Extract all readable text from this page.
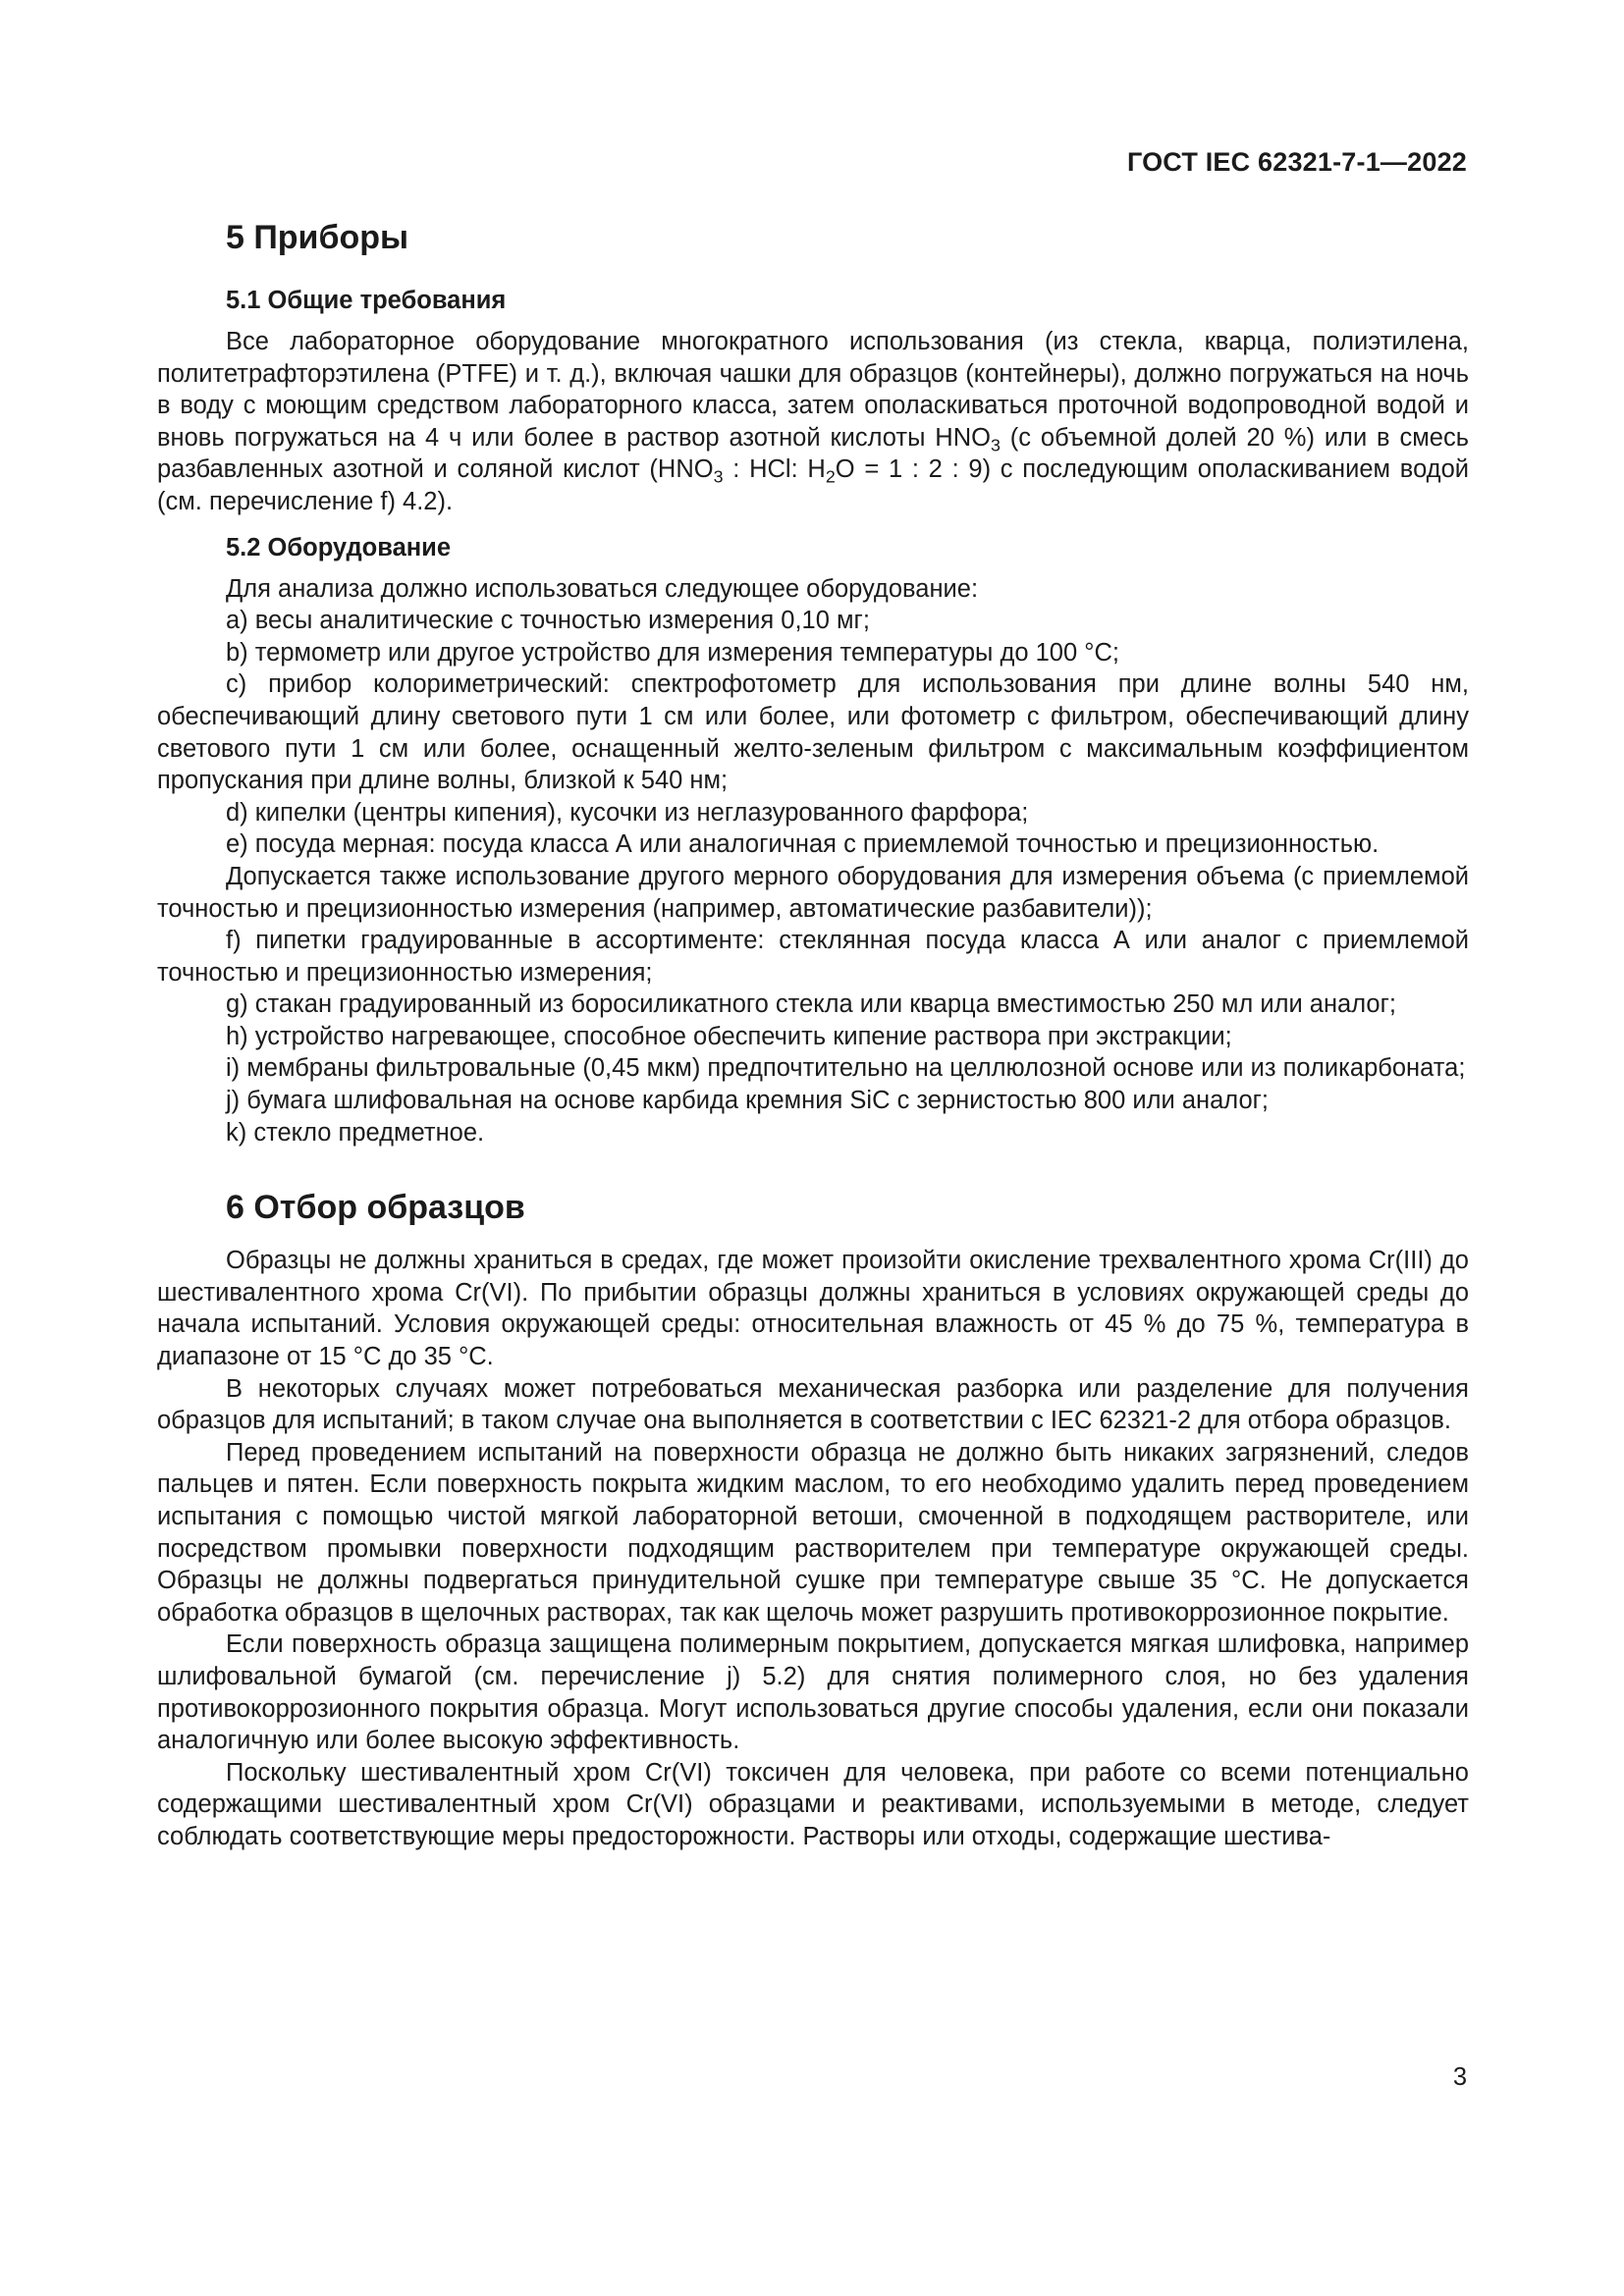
ГОСТ IEC 62321-7-1—2022
5 Приборы
5.1 Общие требования

Все лабораторное оборудование многократного использования (из стекла, кварца, полиэтилена, политетрафторэтилена (PTFE) и т. д.), включая чашки для образцов (контейнеры), должно погружаться на ночь в воду с моющим средством лабораторного класса, затем ополаскиваться проточной водопроводной водой и вновь погружаться на 4 ч или более в раствор азотной кислоты $HNO_3$ (с объемной долей 20 %) или в смесь разбавленных азотной и соляной кислот ($HNO_3$ : HCl: $H_2O = 1$ : 2 : 9) с последующим ополаскиванием водой (см. перечисление f) 4.2).

5.2 Оборудование

Для анализа должно использоваться следующее оборудование:

a) весы аналитические с точностью измерения 0,10 мг;

b) термометр или другое устройство для измерения температуры до 100 °С;

c) прибор колориметрический: спектрофотометр для использования при длине волны 540 нм, обеспечивающий длину светового пути 1 см или более, или фотометр с фильтром, обеспечивающий длину светового пути 1 см или более, оснащенный желто-зеленым фильтром с максимальным коэффициентом пропускания при длине волны, близкой к 540 нм;

d) кипелки (центры кипения), кусочки из неглазурованного фарфора;

e) посуда мерная: посуда класса А или аналогичная с приемлемой точностью и прецизионностью.

Допускается также использование другого мерного оборудования для измерения объема (с приемлемой точностью и прецизионностью измерения (например, автоматические разбавители));

f) пипетки градуированные в ассортименте: стеклянная посуда класса А или аналог с приемлемой точностью и прецизионностью измерения;

g) стакан градуированный из боросиликатного стекла или кварца вместимостью 250 мл или аналог;

h) устройство нагревающее, способное обеспечить кипение раствора при экстракции;

i) мембраны фильтровальные (0,45 мкм) предпочтительно на целлюлозной основе или из поликарбоната;

j) бумага шлифовальная на основе карбида кремния SiC с зернистостью 800 или аналог;

k) стекло предметное.

6 Отбор образцов

Образцы не должны храниться в средах, где может произойти окисление трехвалентного хрома Cr(III) до шестивалентного хрома Cr(VI). По прибытии образцы должны храниться в условиях окружающей среды до начала испытаний. Условия окружающей среды: относительная влажность от 45 % до 75 %, температура в диапазоне от 15 °С до 35 °С.

В некоторых случаях может потребоваться механическая разборка или разделение для получения образцов для испытаний; в таком случае она выполняется в соответствии с IEC 62321-2 для отбора образцов.

Перед проведением испытаний на поверхности образца не должно быть никаких загрязнений, следов пальцев и пятен. Если поверхность покрыта жидким маслом, то его необходимо удалить перед проведением испытания с помощью чистой мягкой лабораторной ветоши, смоченной в подходящем растворителе, или посредством промывки поверхности подходящим растворителем при температуре окружающей среды. Образцы не должны подвергаться принудительной сушке при температуре свыше 35 °С. Не допускается обработка образцов в щелочных растворах, так как щелочь может разрушить противокоррозионное покрытие.

Если поверхность образца защищена полимерным покрытием, допускается мягкая шлифовка, например шлифовальной бумагой (см. перечисление j) 5.2) для снятия полимерного слоя, но без удаления противокоррозионного покрытия образца. Могут использоваться другие способы удаления, если они показали аналогичную или более высокую эффективность.

Поскольку шестивалентный хром Cr(VI) токсичен для человека, при работе со всеми потенциально содержащими шестивалентный хром Cr(VI) образцами и реактивами, используемыми в методе, следует соблюдать соответствующие меры предосторожности. Растворы или отходы, содержащие шестива-

3
